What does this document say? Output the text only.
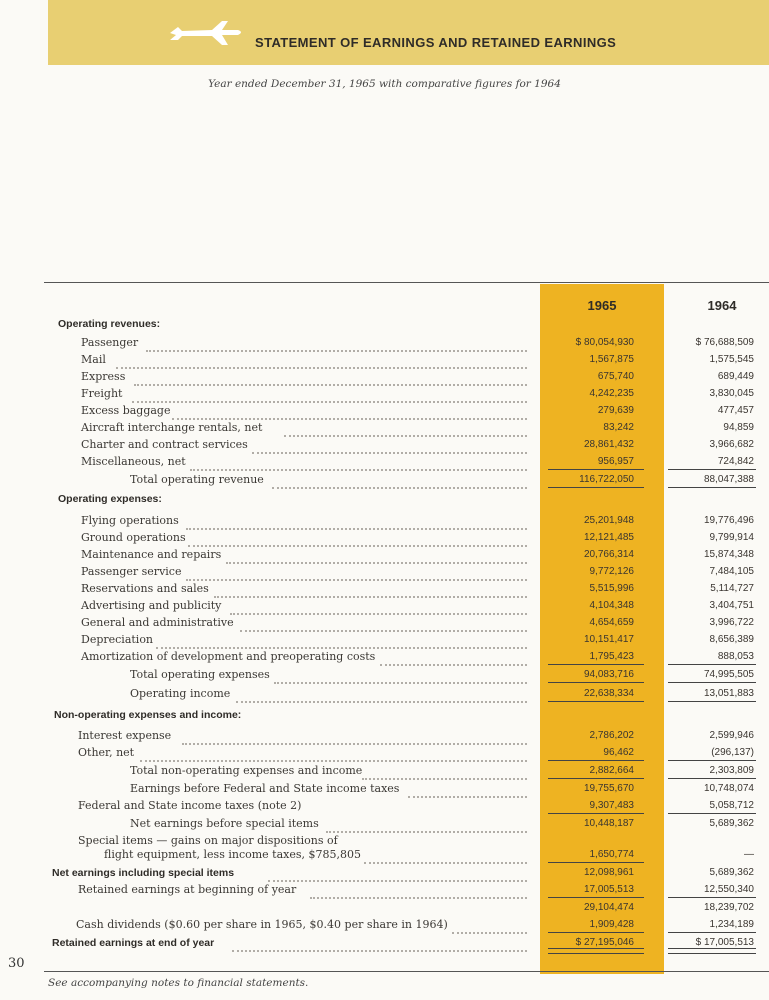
STATEMENT OF EARNINGS AND RETAINED EARNINGS
Year ended December 31, 1965 with comparative figures for 1964
1965	1964
Operating revenues:
Operating expenses:
Non-operating expenses and income:
Passenger	$ 80,054,930	$ 76,688,509
Mail	1,567,875	1,575,545
Express	675,740	689,449
Freight	4,242,235	3,830,045
Excess baggage	279,639	477,457
Aircraft interchange rentals, net	83,242	94,859
Charter and contract services	28,861,432	3,966,682
Miscellaneous, net	956,957	724,842
Total operating revenue	116,722,050	88,047,388
Flying operations	25,201,948	19,776,496
Ground operations	12,121,485	9,799,914
Maintenance and repairs	20,766,314	15,874,348
Passenger service	9,772,126	7,484,105
Reservations and sales	5,515,996	5,114,727
Advertising and publicity	4,104,348	3,404,751
General and administrative	4,654,659	3,996,722
Depreciation	10,151,417	8,656,389
Amortization of development and preoperating costs	1,795,423	888,053
Total operating expenses	94,083,716	74,995,505
Operating income	22,638,334	13,051,883
Interest expense	2,786,202	2,599,946
Other, net	96,462	(296,137)
Total non-operating expenses and income	2,882,664	2,303,809
Earnings before Federal and State income taxes	19,755,670	10,748,074
Federal and State income taxes (note 2)	9,307,483	5,058,712
Net earnings before special items	10,448,187	5,689,362
Special items — gains on major dispositions of
flight equipment, less income taxes, $785,805	1,650,774	—
Net earnings including special items	12,098,961	5,689,362
Retained earnings at beginning of year	17,005,513	12,550,340
29,104,474	18,239,702
Cash dividends ($0.60 per share in 1965, $0.40 per share in 1964)	1,909,428	1,234,189
Retained earnings at end of year	$ 27,195,046	$ 17,005,513
30
See accompanying notes to financial statements.
